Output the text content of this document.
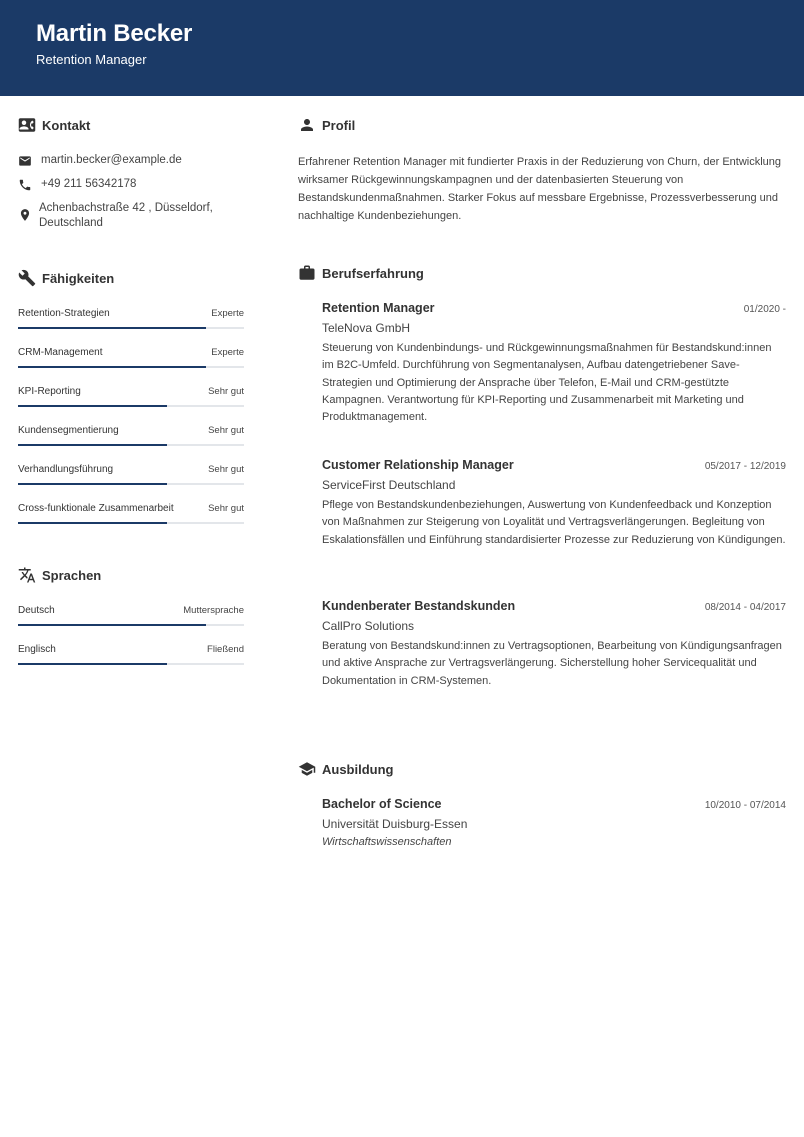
Martin Becker
Retention Manager
Kontakt
martin.becker@example.de
+49 211 56342178
Achenbachstraße 42 , Düsseldorf,
Deutschland
Fähigkeiten
Retention-Strategien	Experte
CRM-Management	Experte
KPI-Reporting	Sehr gut
Kundensegmentierung	Sehr gut
Verhandlungsführung	Sehr gut
Cross-funktionale Zusammenarbeit	Sehr gut
Sprachen
Deutsch	Muttersprache
Englisch	Fließend
Profil
Erfahrener Retention Manager mit fundierter Praxis in der Reduzierung von Churn, der Entwicklung wirksamer Rückgewinnungskampagnen und der datenbasierten Steuerung von Bestandskundenmaßnahmen. Starker Fokus auf messbare Ergebnisse, Prozessverbesserung und nachhaltige Kundenbeziehungen.
Berufserfahrung
Retention Manager	01/2020 -
TeleNova GmbH
Steuerung von Kundenbindungs- und Rückgewinnungsmaßnahmen für Bestandskund:innen im B2C-Umfeld. Durchführung von Segmentanalysen, Aufbau datengetriebener Save-Strategien und Optimierung der Ansprache über Telefon, E-Mail und CRM-gestützte Kampagnen. Verantwortung für KPI-Reporting und Zusammenarbeit mit Marketing und Produktmanagement.
Customer Relationship Manager	05/2017 - 12/2019
ServiceFirst Deutschland
Pflege von Bestandskundenbeziehungen, Auswertung von Kundenfeedback und Konzeption von Maßnahmen zur Steigerung von Loyalität und Vertragsverlängerungen. Begleitung von Eskalationsfällen und Einführung standardisierter Prozesse zur Reduzierung von Kündigungen.
Kundenberater Bestandskunden	08/2014 - 04/2017
CallPro Solutions
Beratung von Bestandskund:innen zu Vertragsoptionen, Bearbeitung von Kündigungsanfragen und aktive Ansprache zur Vertragsverlängerung. Sicherstellung hoher Servicequalität und Dokumentation in CRM-Systemen.
Ausbildung
Bachelor of Science	10/2010 - 07/2014
Universität Duisburg-Essen
Wirtschaftswissenschaften
